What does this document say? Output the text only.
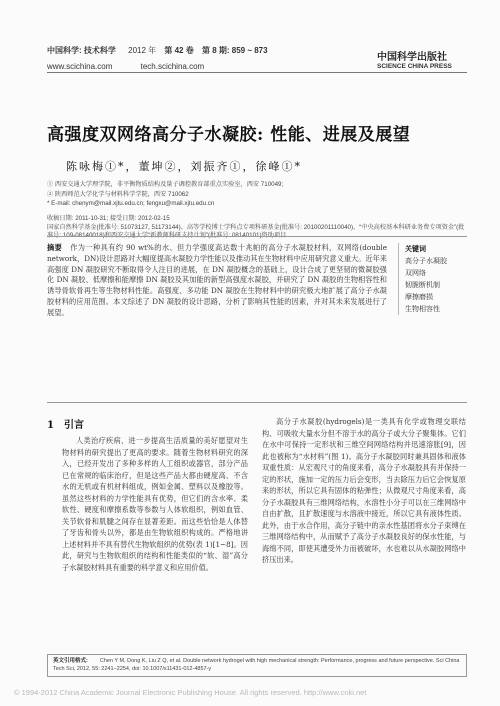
中国科学: 技术科学 2012 年 第 42 卷 第 8 期: 859 ~ 873
www.scichina.com	tech.scichina.com
中国科学出版社
SCIENCE CHINA PRESS
高强度双网络高分子水凝胶: 性能、进展及展望
陈咏梅①*，董坤②，刘振齐①，徐峰①*
① 西安交通大学理学院，非平衡物质结构及量子调控教育部重点实验室，西安 710049;
② 陕西师范大学化学与材料科学学院，西安 710062
* E-mail: chenym@mail.xjtu.edu.cn; fengxu@mail.xjtu.edu.cn
收稿日期: 2011-10-31; 接受日期: 2012-02-15
国家自然科学基金(批准号: 51073127, 51173144)、高等学校博士学科点专项科研基金(批准号: 20100201110040)、“中央高校基本科研业务费专项资金”(批
摘要 作为一种具有约 90 wt%的水、但力学强度高达数十兆帕的高分子水凝胶材料，双网络(double network，DN)设计思路对大幅度提高水凝胶力学性能以及推动其在生物材料中应用研究意义重大。近年来高强度 DN 凝胶研究不断取得令人注目的进展，在 DN 凝胶概念的基础上，设计合成了更坚韧的微凝胶强化 DN 凝胶、低摩擦和能摩擦 DN 凝胶及其加能的新型高强度水凝胶，并研究了 DN 凝胶的生物相容性和诱导骨软骨再生等生物材料性能。高强度、多功能 DN 凝胶在生物材料中的研究极大地扩展了高分子水凝胶材料的应用范围。本文综述了 DN 凝胶的设计思路，分析了影响其性能的因素，并对其未来发展进行了展望。
关键词
高分子水凝胶
双网络
韧脆断机制
摩擦磨损
生物相容性
1　引言
人类治疗疾病、进一步提高生活质量的美好愿望对生物材料的研究提出了更高的要求。随着生物材料研究的深入，已经开发出了多种多样的人工组织或器官，部分产品已在常规的临床治疗，但是这些产品大都由硬度高、不含水的无机或有机材料组成，例如金属、塑料以及橡胶等。虽然这些材料的力学性能具有优势，但它们的含水率、柔软性、硬度和摩擦系数等参数与人体软组织，例如血管、关节软骨和肌腱之间存在显著差距。而这些恰恰是人体替了牙齿和骨头以外，都是由生物软组织构成的。严格地讲上述材料并不具有替代生物软组织的优势(表 1)[1~8]。因此，研究与生物软组织的结构和性能类似的“软、湿”高分子水凝胶材料具有重要的科学意义和应用价值。
高分子水凝胶(hydrogels)是一类具有化学或物理交联结构、可吸收大量水分但不溶于水的高分子或大分子聚集体。它们在水中可保持一定形状和三维空间网络结构并迅速溶胀[9]，因此也被称为“水材料”(图 1)。高分子水凝胶同时兼具固体和液体双重性质：从宏观尺寸的角度来看，高分子水凝胶具有并保持一定的形状，施加一定的压力后会变形，当去除压力后它会恢复原来的形状，所以它具有固体的粘弹性；从微观尺寸角度来看，高分子水凝胶具有三维网络结构，水溶性小分子可以在三维网络中自由扩散，且扩散速度与水溶液中接近，所以它具有液体性质。此外，由于水合作用，高分子链中的亲水性基团将水分子束缚在三维网络结构中，从而赋予了高分子水凝胶良好的保水性能，与海绵不同，即使其遭受外力而被破坏，水也难以从水凝胶网络中挤压出来。
英文引用格式: Chen Y M, Dong K, Liu Z Q, et al. Double network hydrogel with high mechanical strength: Performance, progress and future perspective. Sci China Tech Sci, 2012, 55: 2241−2254, doi: 10.1007/s11431-012-4857-y
© 1994-2012 China Academic Journal Electronic Publishing House. All rights reserved. http://www.cnki.net
